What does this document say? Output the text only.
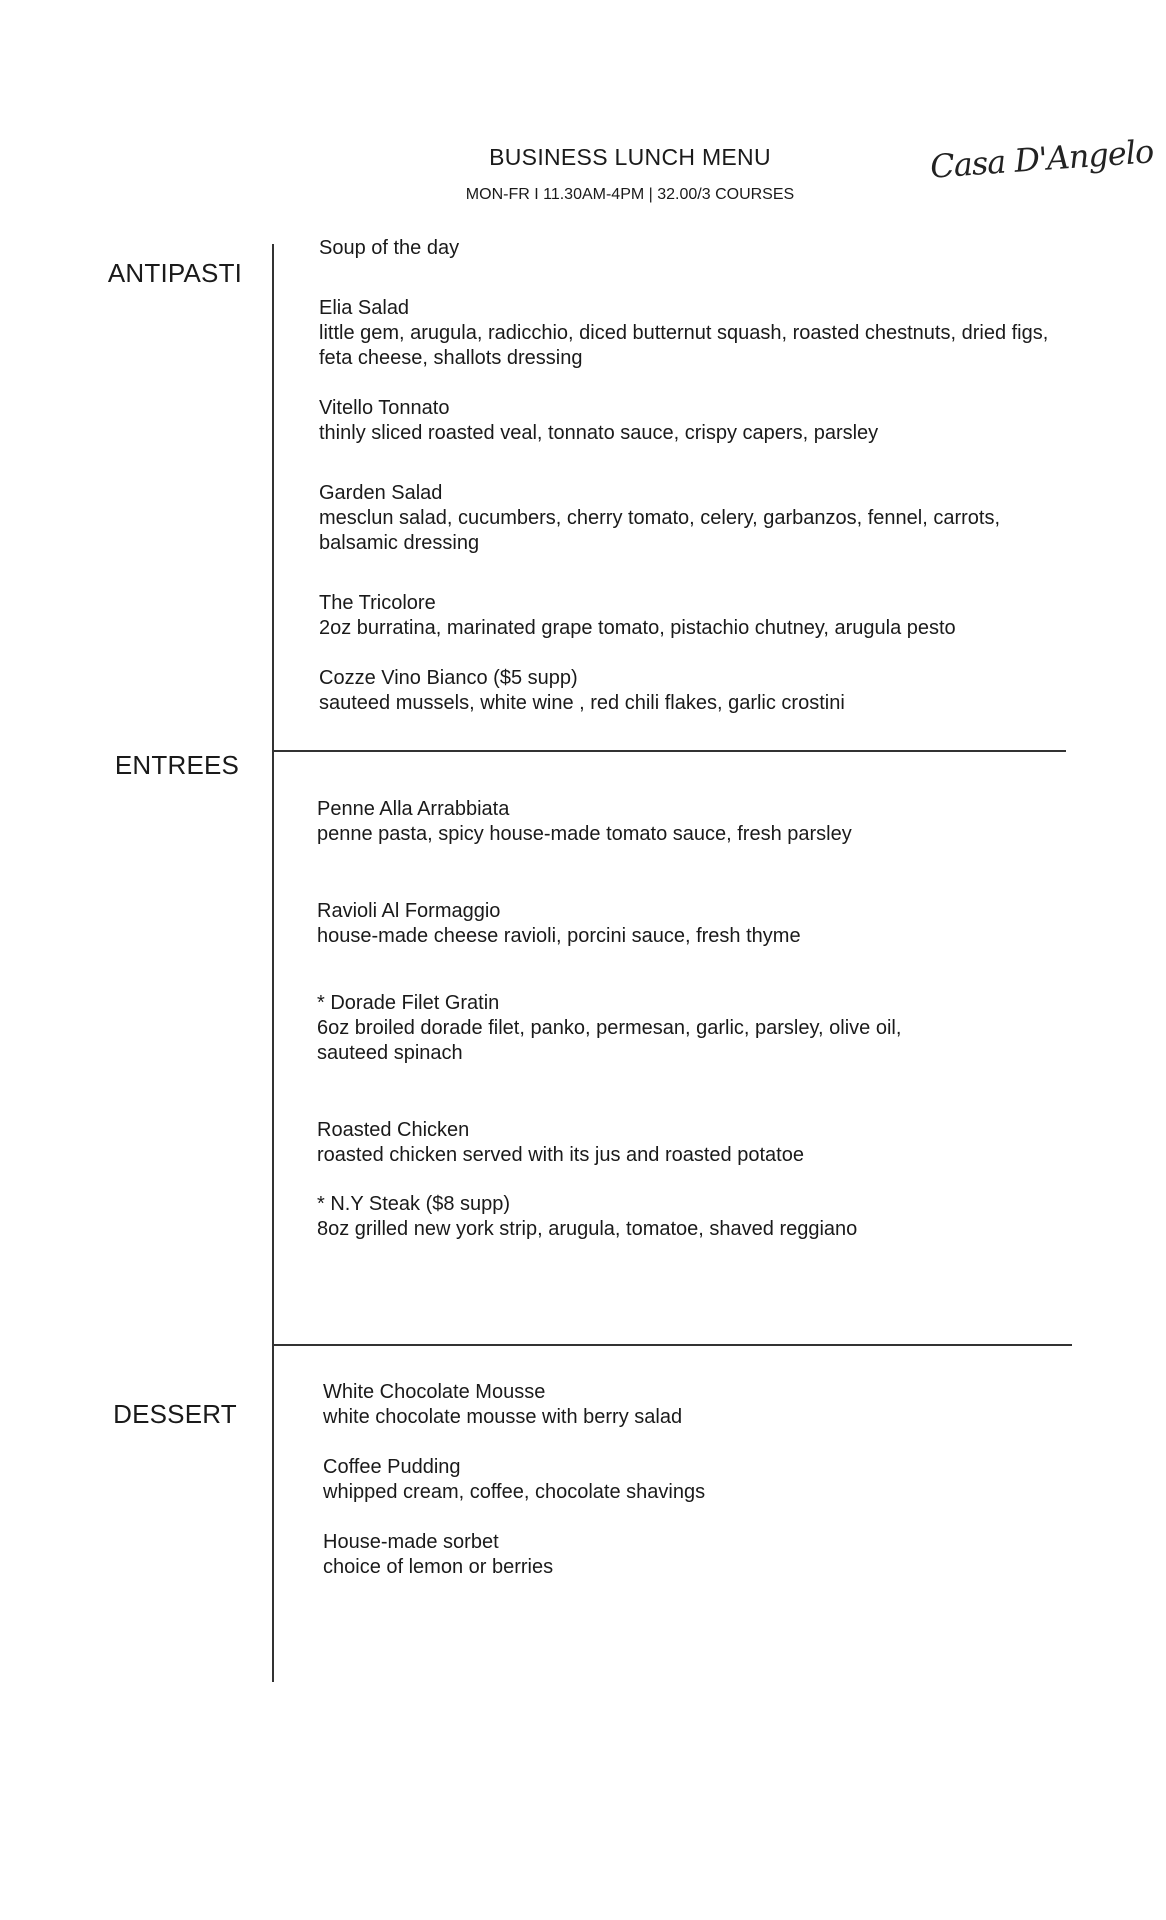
BUSINESS LUNCH MENU
MON-FR I 11.30AM-4PM | 32.00/3 COURSES
Casa D'Angelo
ANTIPASTI
Soup of the day
Elia Salad
little gem, arugula, radicchio, diced butternut squash, roasted chestnuts, dried figs, feta cheese, shallots dressing
Vitello Tonnato
thinly sliced roasted veal, tonnato sauce, crispy capers, parsley
Garden Salad
mesclun salad, cucumbers, cherry tomato, celery, garbanzos, fennel, carrots, balsamic dressing
The Tricolore
2oz burratina, marinated grape tomato, pistachio chutney, arugula pesto
Cozze Vino Bianco ($5 supp)
sauteed mussels, white wine , red chili flakes, garlic crostini
ENTREES
Penne Alla Arrabbiata
penne pasta, spicy house-made tomato sauce, fresh parsley
Ravioli Al Formaggio
house-made cheese ravioli, porcini sauce, fresh thyme
* Dorade Filet Gratin
6oz broiled dorade filet, panko, permesan, garlic, parsley, olive oil, sauteed spinach
Roasted Chicken
roasted chicken served with its jus and roasted potatoe
* N.Y Steak ($8 supp)
8oz grilled new york strip, arugula, tomatoe, shaved reggiano
DESSERT
White Chocolate Mousse
white chocolate mousse with berry salad
Coffee Pudding
whipped cream, coffee, chocolate shavings
House-made sorbet
choice of lemon or berries
